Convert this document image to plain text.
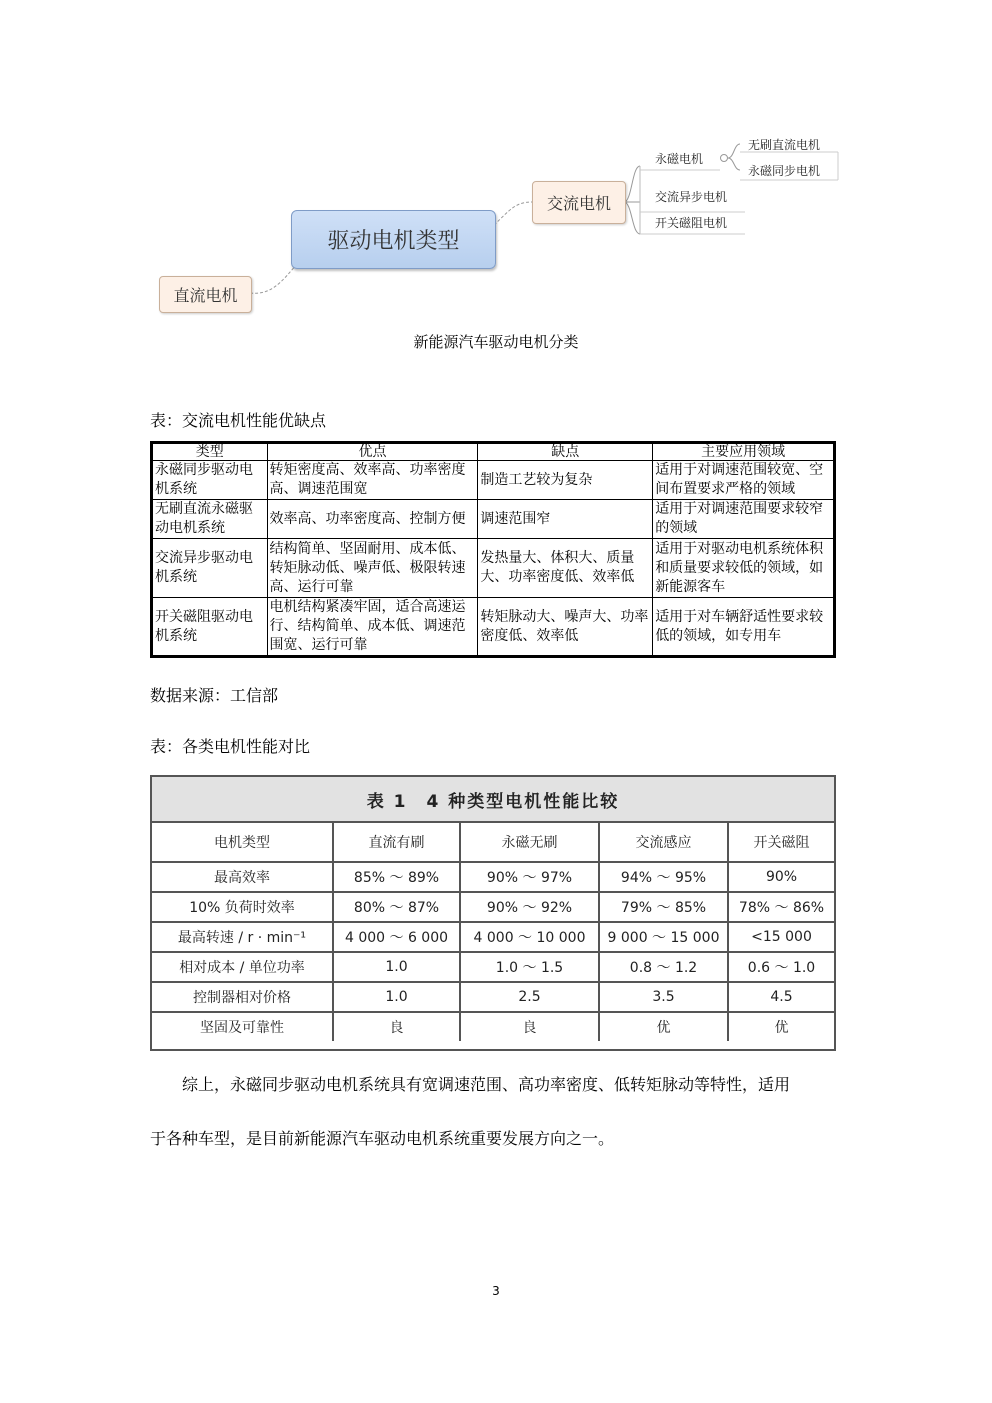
驱动电机类型
直流电机
交流电机
永磁电机
交流异步电机
开关磁阻电机
无刷直流电机
永磁同步电机
新能源汽车驱动电机分类
表：交流电机性能优缺点
类型	优点	缺点	主要应用领域
永磁同步驱动电机系统	转矩密度高、效率高、功率密度高、调速范围宽	制造工艺较为复杂	适用于对调速范围较宽、空间布置要求严格的领域
无刷直流永磁驱动电机系统	效率高、功率密度高、控制方便	调速范围窄	适用于对调速范围要求较窄的领域
交流异步驱动电机系统	结构简单、坚固耐用、成本低、转矩脉动低、噪声低、极限转速高、运行可靠	发热量大、体积大、质量大、功率密度低、效率低	适用于对驱动电机系统体积和质量要求较低的领域，如新能源客车
开关磁阻驱动电机系统	电机结构紧凑牢固，适合高速运行、结构简单、成本低、调速范围宽、运行可靠	转矩脉动大、噪声大、功率密度低、效率低	适用于对车辆舒适性要求较低的领域，如专用车
数据来源：工信部
表：各类电机性能对比
表 1　4 种类型电机性能比较
电机类型	直流有刷	永磁无刷	交流感应	开关磁阻
最高效率	85% ～ 89%	90% ～ 97%	94% ～ 95%	90%
10% 负荷时效率	80% ～ 87%	90% ～ 92%	79% ～ 85%	78% ～ 86%
最高转速 / r · min⁻¹	4 000 ～ 6 000	4 000 ～ 10 000	9 000 ～ 15 000	<15 000
相对成本 / 单位功率	1.0	1.0 ～ 1.5	0.8 ～ 1.2	0.6 ～ 1.0
控制器相对价格	1.0	2.5	3.5	4.5
坚固及可靠性	良	良	优	优
综上，永磁同步驱动电机系统具有宽调速范围、高功率密度、低转矩脉动等特性，适用
于各种车型，是目前新能源汽车驱动电机系统重要发展方向之一。
3
